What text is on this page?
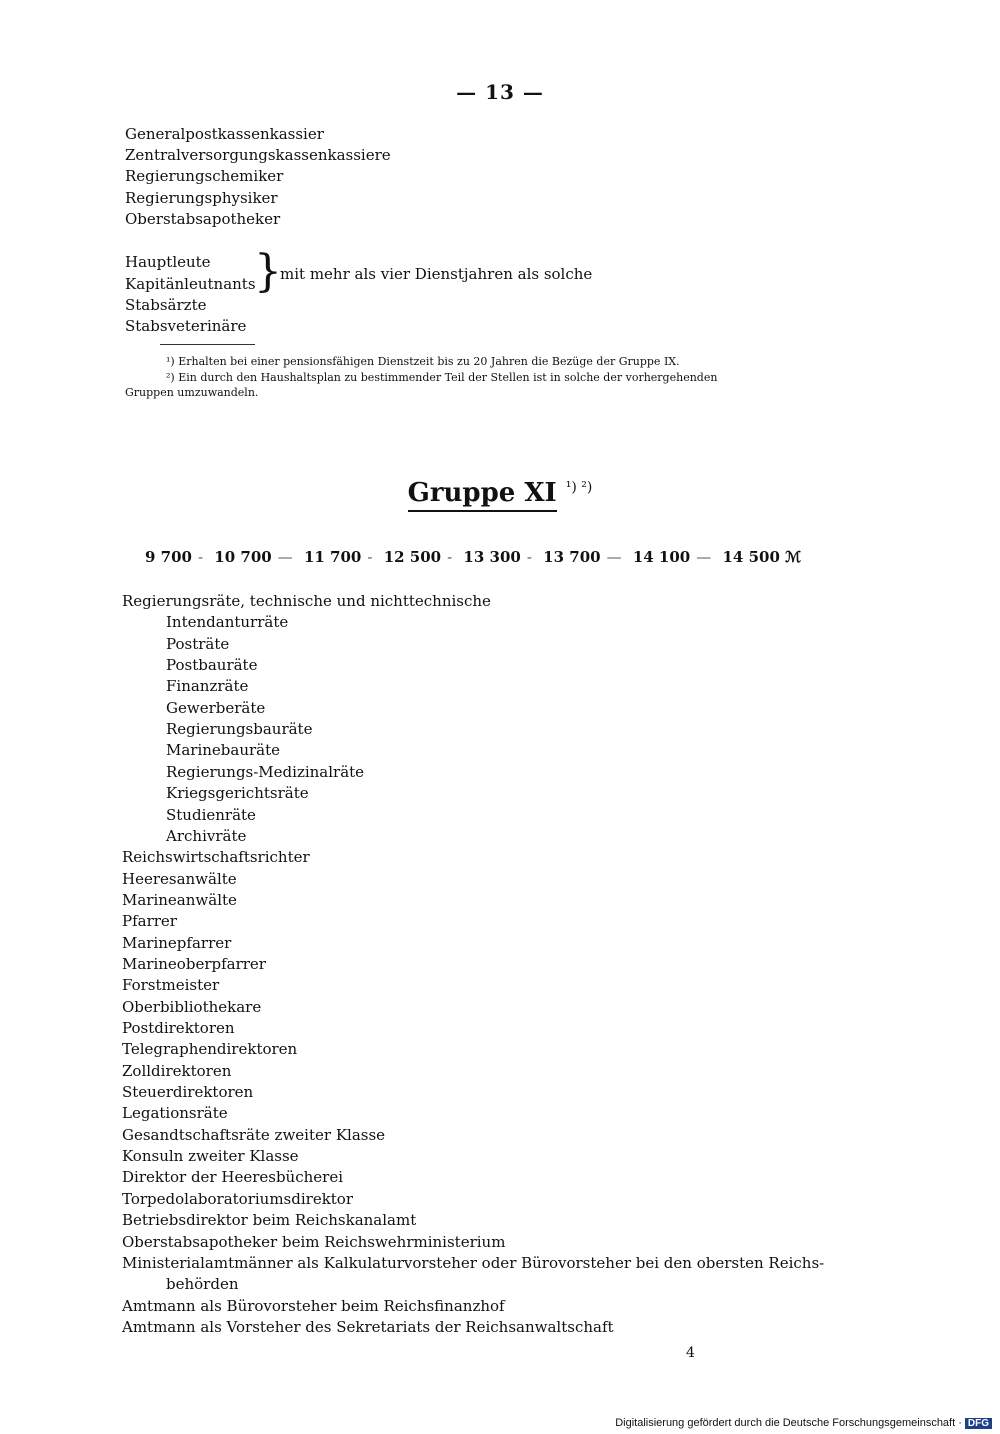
— 13 —
Generalpostkassenkassier
Zentralversorgungskassenkassiere
Regierungschemiker
Regierungsphysiker
Oberstabsapotheker
Hauptleute
Kapitänleutnants
Stabsärzte
Stabsveterinäre
}
mit mehr als vier Dienstjahren als solche
¹) Erhalten bei einer pensionsfähigen Dienstzeit bis zu 20 Jahren die Bezüge der Gruppe IX.
²) Ein durch den Haushaltsplan zu bestimmender Teil der Stellen ist in solche der vorhergehenden
Gruppen umzuwandeln.
Gruppe XI $^{^1) ^2)}$
9 700 - 10 700 — 11 700 - 12 500 - 13 300 - 13 700 — 14 100 — 14 500 ℳ
Regierungsräte, technische und nichttechnische
Intendanturräte
Posträte
Postbauräte
Finanzräte
Gewerberäte
Regierungsbauräte
Marinebauräte
Regierungs-Medizinalräte
Kriegsgerichtsräte
Studienräte
Archivräte
Reichswirtschaftsrichter
Heeresanwälte
Marineanwälte
Pfarrer
Marinepfarrer
Marineoberpfarrer
Forstmeister
Oberbibliothekare
Postdirektoren
Telegraphendirektoren
Zolldirektoren
Steuerdirektoren
Legationsräte
Gesandtschaftsräte zweiter Klasse
Konsuln zweiter Klasse
Direktor der Heeresbücherei
Torpedolaboratoriumsdirektor
Betriebsdirektor beim Reichskanalamt
Oberstabsapotheker beim Reichswehrministerium
Ministerialamtmänner als Kalkulaturvorsteher oder Bürovorsteher bei den obersten Reichs-
behörden
Amtmann als Bürovorsteher beim Reichsfinanzhof
Amtmann als Vorsteher des Sekretariats der Reichsanwaltschaft
4
Digitalisierung gefördert durch die Deutsche Forschungsgemeinschaft · DFG
